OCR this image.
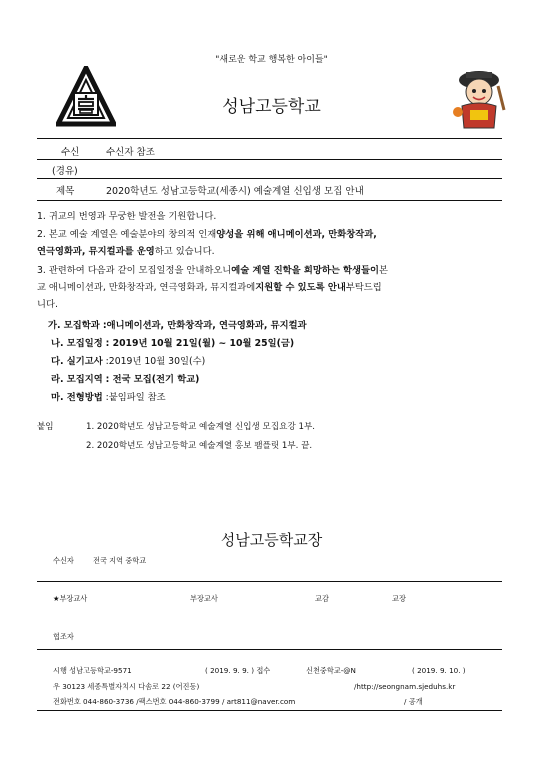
"새로운 학교 행복한 아이들"
성남고등학교
수신	수신자 참조
(경유)
제목	2020학년도 성남고등학교(세종시) 예술계열 신입생 모집 안내
1. 귀교의 번영과 무궁한 발전을 기원합니다.
2. 본교 예술 계열은 예술분야의 창의적 인재양성을 위해 애니메이션과, 만화창작과,
연극영화과, 뮤지컬과를 운영하고 있습니다.
3. 관련하여 다음과 같이 모집일정을 안내하오니예술 계열 진학을 희망하는 학생들이본
교 애니메이션과, 만화창작과, 연극영화과, 뮤지컬과에지원할 수 있도록 안내부탁드립
니다.
가. 모집학과 :애니메이션과, 만화창작과, 연극영화과, 뮤지컬과
나. 모집일정 : 2019년 10월 21일(월) ~ 10월 25일(금)
다. 실기고사 :2019년 10월 30일(수)
라. 모집지역 : 전국 모집(전기 학교)
마. 전형방법 :붙임파일 참조
붙임	1. 2020학년도 성남고등학교 예술계열 신입생 모집요강 1부.
2. 2020학년도 성남고등학교 예술계열 홍보 팸플릿 1부. 끝.
성남고등학교장
수신자	전국 지역 중학교
★부장교사	부장교사	교감	교장
협조자
시행 성남고등학교-9571	( 2019. 9. 9. ) 접수	신천중학교-@N	( 2019. 9. 10. )
우 30123 세종특별자치시 다솜로 22 (어진동)	/http://seongnam.sjeduhs.kr
전화번호 044-860-3736 /팩스번호 044-860-3799 / art811@naver.com	/ 공개
